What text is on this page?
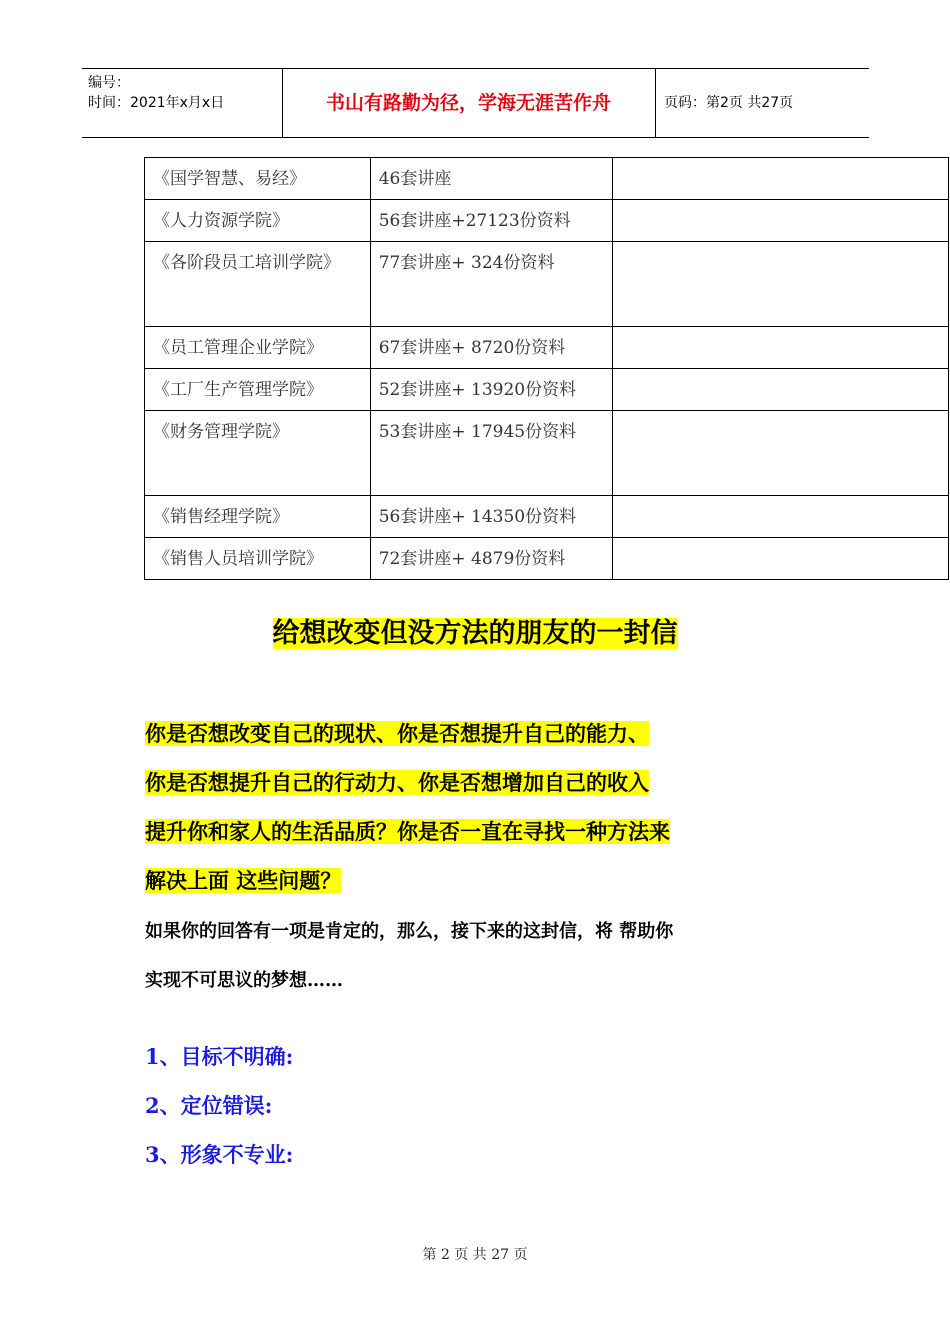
编号：
时间：2021年x月x日	书山有路勤为径，学海无涯苦作舟	页码：第2页 共27页
《国学智慧、易经》	46套讲座	
《人力资源学院》	56套讲座+27123份资料	
《各阶段员工培训学院》	77套讲座+ 324份资料	
《员工管理企业学院》	67套讲座+ 8720份资料	
《工厂生产管理学院》	52套讲座+ 13920份资料	
《财务管理学院》	53套讲座+ 17945份资料	
《销售经理学院》	56套讲座+ 14350份资料	
《销售人员培训学院》	72套讲座+ 4879份资料	
给想改变但没方法的朋友的一封信
你是否想改变自己的现状、你是否想提升自己的能力、
你是否想提升自己的行动力、你是否想增加自己的收入
提升你和家人的生活品质？你是否一直在寻找一种方法来
解决上面 这些问题？
如果你的回答有一项是肯定的，那么，接下来的这封信，将 帮助你
实现不可思议的梦想……
1、目标不明确:
2、定位错误:
3、形象不专业:
第 2 页 共 27 页
